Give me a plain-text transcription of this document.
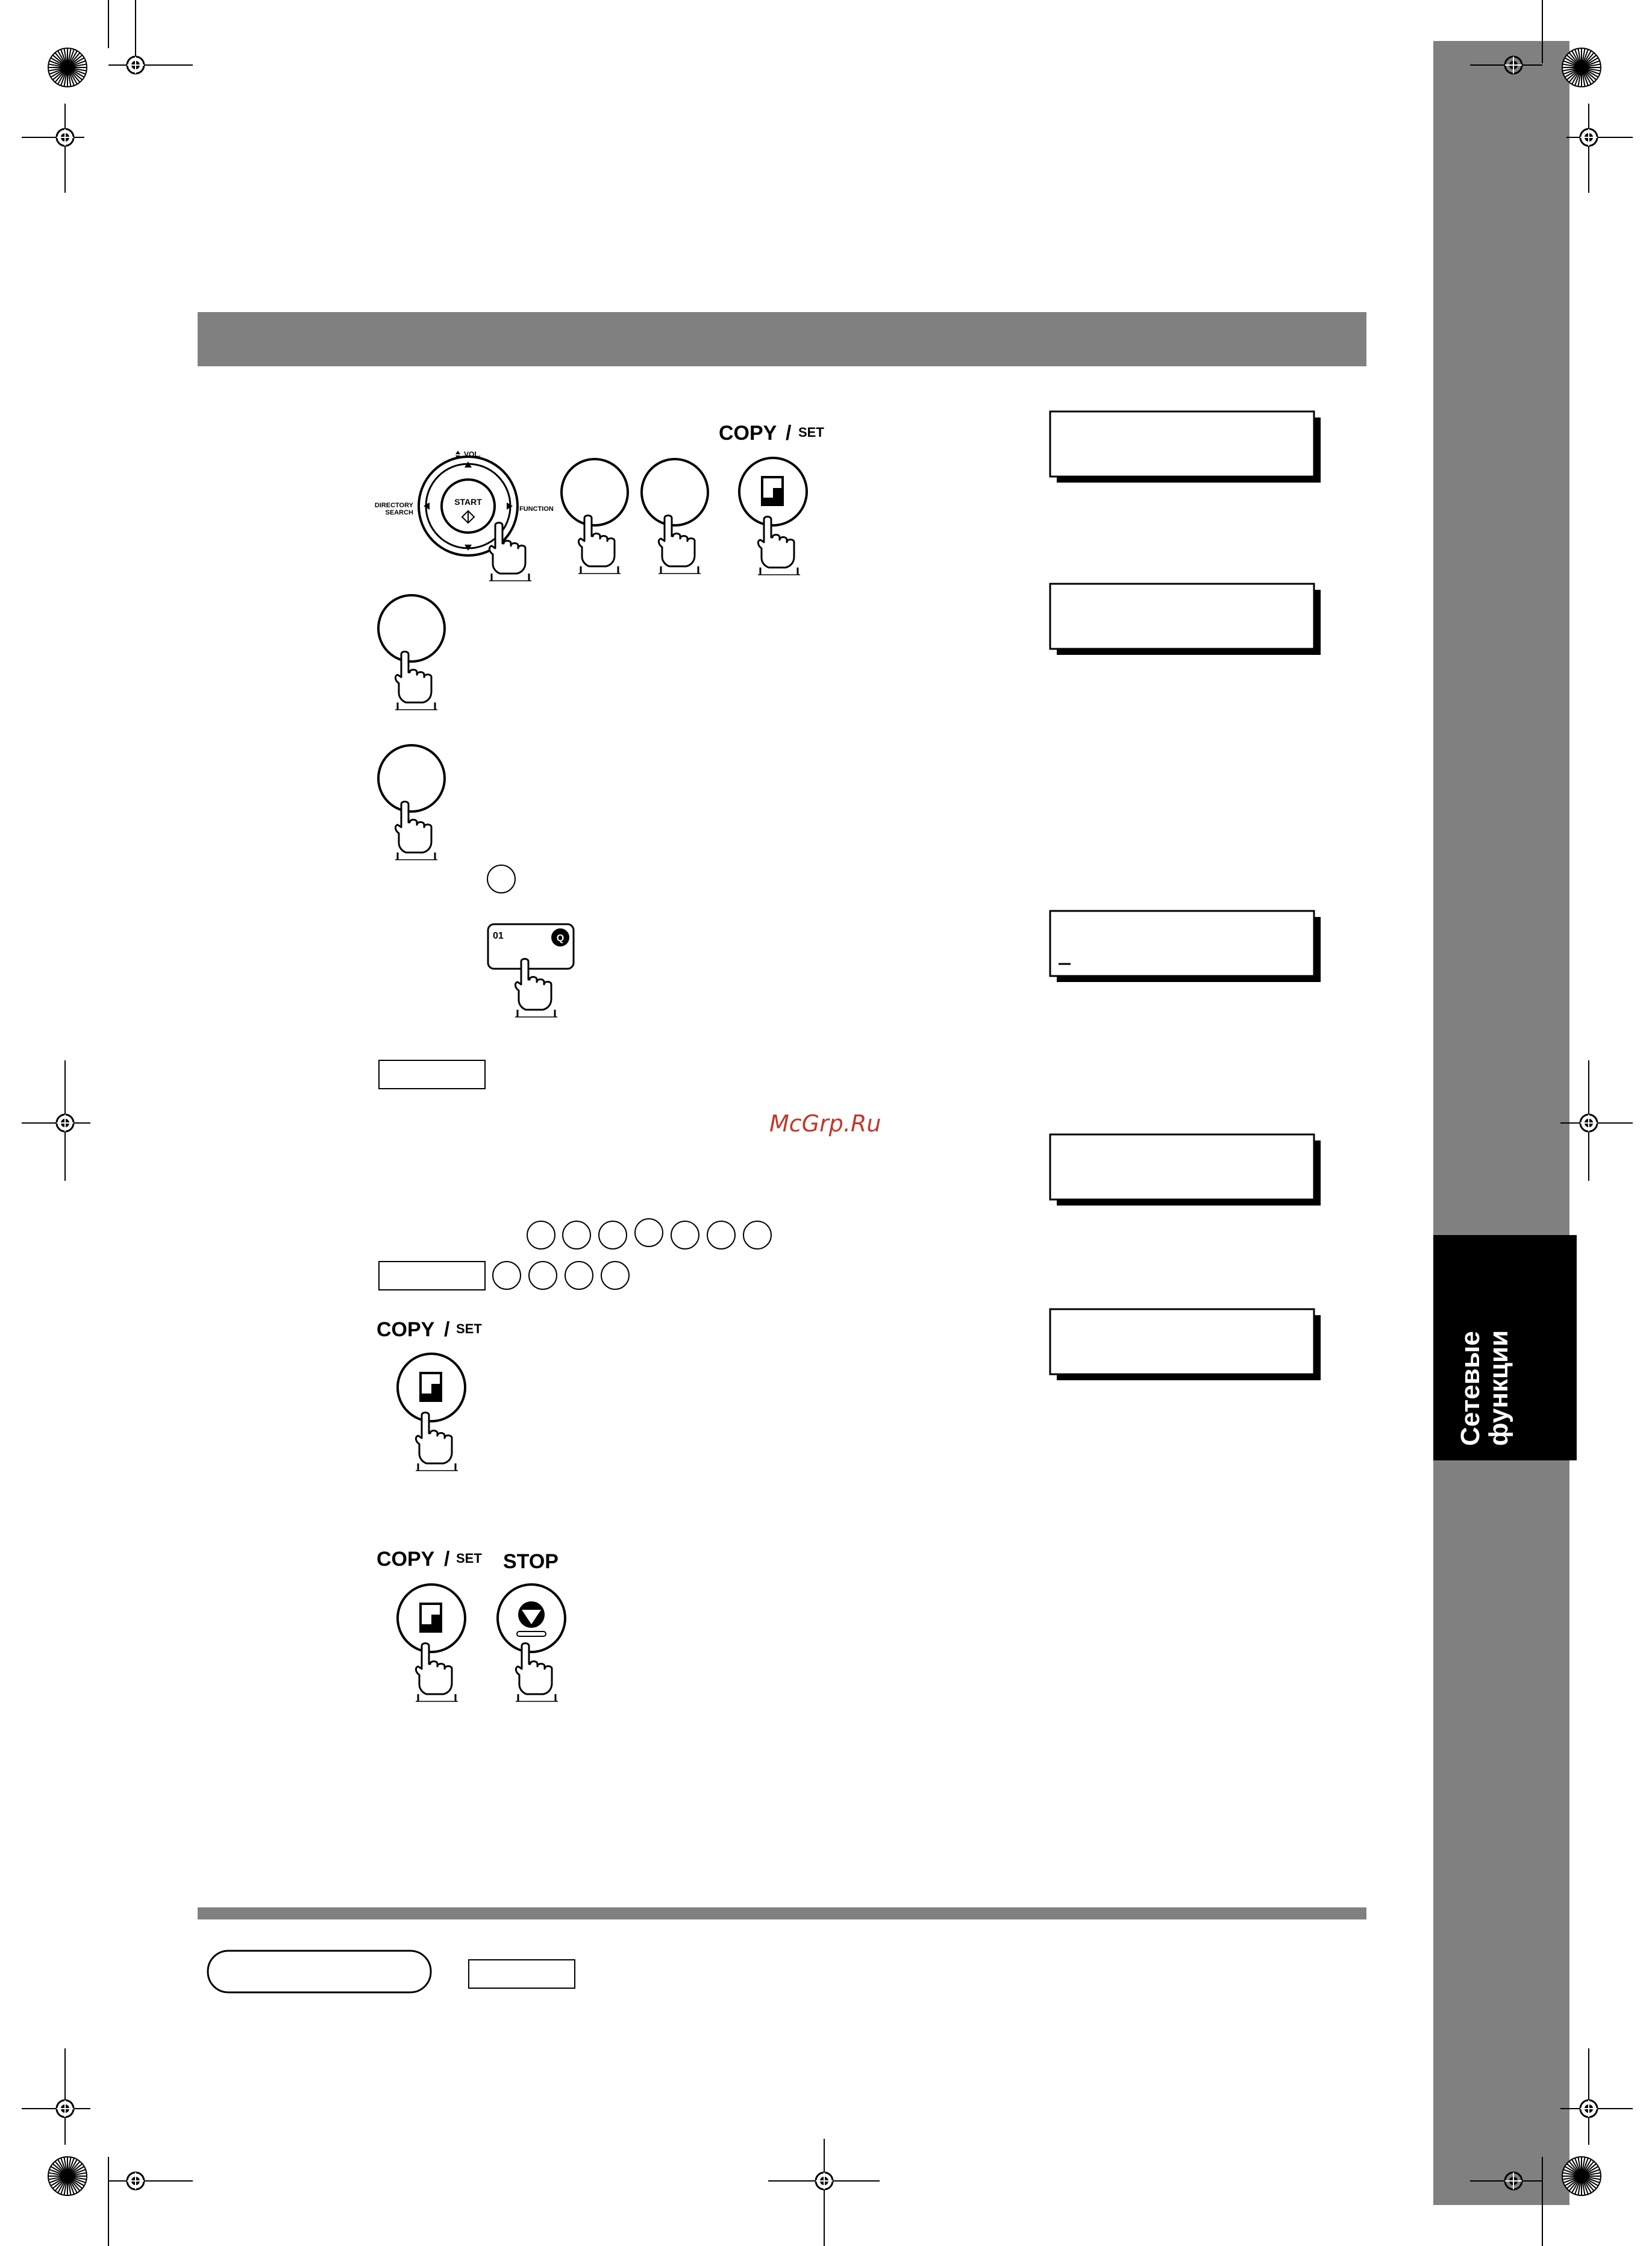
Сетевые
функции
START
VOL.
DIRECTORY
SEARCH	FUNCTION
COPY / SET
01	Q
McGrp.Ru
COPY / SET
COPY / SET STOP
